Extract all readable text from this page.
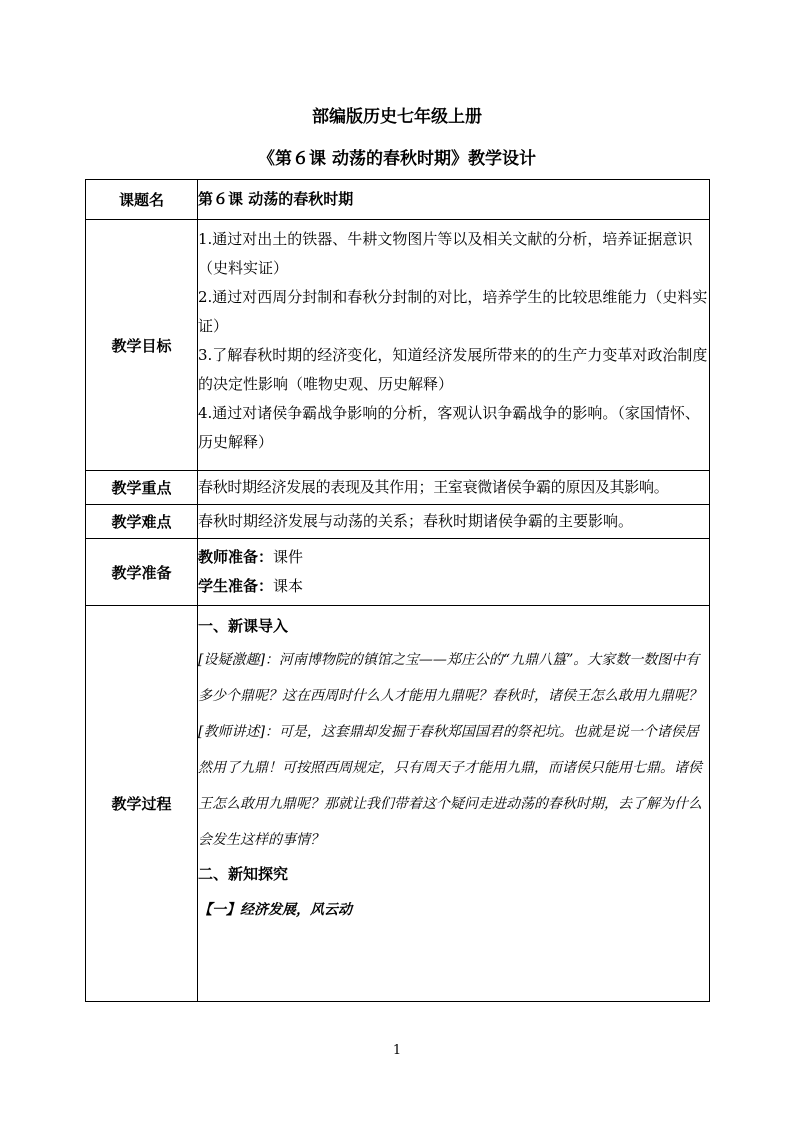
部编版历史七年级上册
《第６课 动荡的春秋时期》教学设计
课题名	第６课 动荡的春秋时期
教学目标	1.通过对出土的铁器、牛耕文物图片等以及相关文献的分析，培养证据意识（史料实证）

2.通过对西周分封制和春秋分封制的对比，培养学生的比较思维能力（史料实证）

3.了解春秋时期的经济变化，知道经济发展所带来的的生产力变革对政治制度的决定性影响（唯物史观、历史解释）

4.通过对诸侯争霸战争影响的分析，客观认识争霸战争的影响。（家国情怀、历史解释）

教学重点	春秋时期经济发展的表现及其作用；王室衰微诸侯争霸的原因及其影响。
教学难点	春秋时期经济发展与动荡的关系；春秋时期诸侯争霸的主要影响。
教学准备	教师准备：课件
学生准备：课本

教学过程	一、新课导入

[设疑激趣]：河南博物院的镇馆之宝——郑庄公的“九鼎八簋”。大家数一数图中有多少个鼎呢？这在西周时什么人才能用九鼎呢？春秋时，诸侯王怎么敢用九鼎呢？

[教师讲述]：可是，这套鼎却发掘于春秋郑国国君的祭祀坑。也就是说一个诸侯居然用了九鼎！可按照西周规定，只有周天子才能用九鼎，而诸侯只能用七鼎。诸侯王怎么敢用九鼎呢？那就让我们带着这个疑问走进动荡的春秋时期，去了解为什么会发生这样的事情？

二、新知探究

【一】经济发展，风云动

1
